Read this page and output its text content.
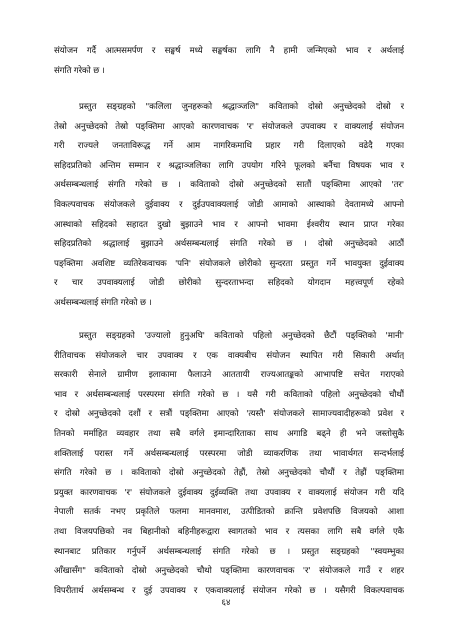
संयोजन गर्दै आत्मसमर्पण र सङ्घर्ष मध्ये सङ्घर्षका लागि नै हामी जन्मिएको भाव र अर्थलाई
संगति गरेको छ ।
प्रस्तुत सङ्ग्रहको "कलिला जुनहरूको श्रद्धाञ्जलि" कविताको दोस्रो अनुच्छेदको दोस्रो र
तेस्रो अनुच्छेदको तेस्रो पङ्क्तिमा आएको कारणवाचक 'र' संयोजकले उपवाक्य र वाक्यलाई संयोजन
गरी राज्यले जनताविरूद्ध गर्ने आम नागरिकमाथि प्रहार गरी दिलाएको वढेदै गएका
सहिदप्रतिको अन्तिम सम्मान र श्रद्धाञ्जलिका लागि उपयोग गरिने फूलको बर्नैचा विषयक भाव र
अर्थसम्बन्धलाई संगति गरेको छ । कविताको दोस्रो अनुच्छेदको सातौं पङ्क्तिमा आएको 'तर'
विकल्पवाचक संयोजकले दुईवाक्य र दुईउपवाक्यलाई जोडी आमाको आस्थाको देवतामध्ये आफ्नो
आस्थाको सहिदको सहादत दुखो बुझाउने भाव र आफ्नो भावमा ईश्वरीय स्थान प्राप्त गरेका
सहिदप्रतिको श्रद्धालाई बुझाउने अर्थसम्बन्धलाई संगति गरेको छ । दोस्रो अनुच्छेदको आठौं
पङ्क्तिमा अवशिष्ट व्यतिरेकवाचक 'पनि' संयोजकले छोरीको सुन्दरता प्रस्तुत गर्ने भावयुक्त दुईवाक्य
र चार उपवाक्यलाई जोडी छोरीको सुन्दरताभन्दा सहिदको योगदान महत्त्वपूर्ण रहेको
अर्थसम्बन्धलाई संगति गरेको छ ।
प्रस्तुत सङ्ग्रहको 'उज्यालो हुनुअघि' कविताको पहिलो अनुच्छेदको छैटौं पङ्क्तिको 'मानी'
रीतिवाचक संयोजकले चार उपवाक्य र एक वाक्यबीच संयोजन स्थापित गरी सिकारी अर्थात्
सरकारी सेनाले ग्रामीण इलाकामा फैलाउने आततायी राज्यआतङ्कको आभापष्टि सचेत गराएको
भाव र अर्थसम्बन्धलाई परस्परमा संगति गरेको छ । यसै गरी कविताको पहिलो अनुच्छेदको चौथौं
र दोस्रो अनुच्छेदको दशौं र सत्रौं पङ्क्तिमा आएको 'त्यस्तै' संयोजकले सामाज्यवादीहरूको प्रवेश र
तिनको मर्माहित व्यवहार तथा सबै वर्गले इमान्दारिताका साथ अगाडि बढ्ने ही भने जस्तोसुकै
शक्तिलाई परास्त गर्ने अर्थसम्बन्धलाई परस्परमा जोडी व्याकरणिक तथा भावार्थगत सन्दर्भलाई
संगति गरेको छ । कविताको दोस्रो अनुच्छेदको तेह्रौं, तेस्रो अनुच्छेदको चौथौं र तेह्रौं पङ्क्तिमा
प्रयुक्त कारणवाचक 'र' संयोजकले दुईवाक्य दुईव्यक्ति तथा उपवाक्य र वाक्यलाई संयोजन गरी यदि
नेपाली सतर्क नभए प्रकृतिले फलमा मानवमाश, उत्पीडितको क्रान्ति प्रवेशपछि विजयको आशा
तथा विजयपछिको नव बिहानीको बहिनीहरूद्वारा स्वागतको भाव र त्यसका लागि सबै वर्गले एकै
स्थानबाट प्रतिकार गर्नुपर्ने अर्थसम्बन्धलाई संगति गरेको छ । प्रस्तुत सङ्ग्रहको "स्वयम्भुका
आँखासँग" कविताको दोस्रो अनुच्छेदको चौथो पङ्क्तिमा कारणवाचक 'र' संयोजकले गाउँ र शहर
विपरीतार्थ अर्थसम्बन्ध र दुई उपवाक्य र एकवाक्यलाई संयोजन गरेको छ । यसैगरी विकल्पवाचक
६४
